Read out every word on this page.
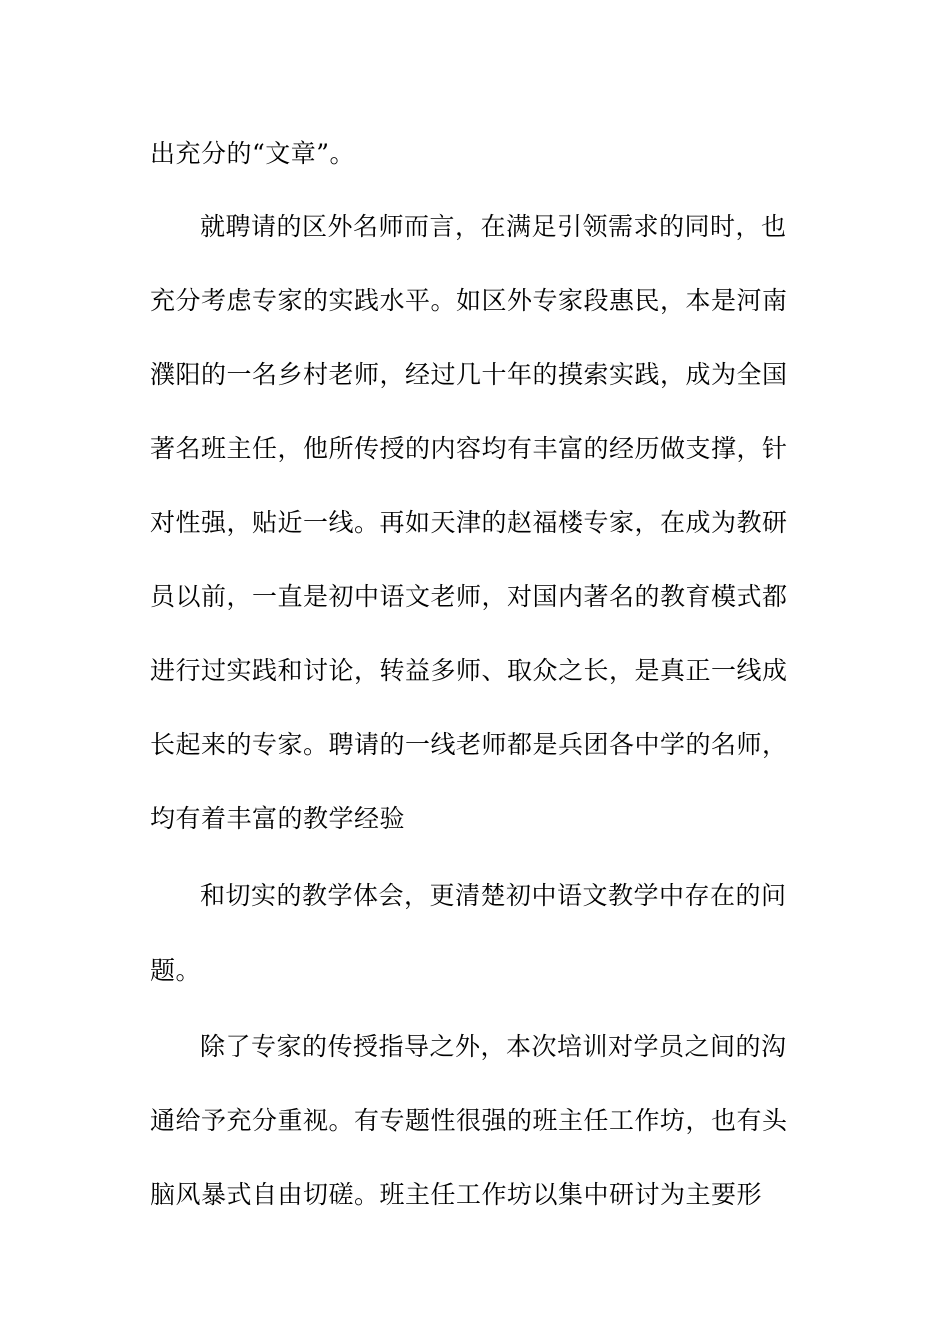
出充分的“文章”。
就聘请的区外名师而言，在满足引领需求的同时，也
充分考虑专家的实践水平。如区外专家段惠民，本是河南
濮阳的一名乡村老师，经过几十年的摸索实践，成为全国
著名班主任，他所传授的内容均有丰富的经历做支撑，针
对性强，贴近一线。再如天津的赵福楼专家，在成为教研
员以前，一直是初中语文老师，对国内著名的教育模式都
进行过实践和讨论，转益多师、取众之长，是真正一线成
长起来的专家。聘请的一线老师都是兵团各中学的名师，
均有着丰富的教学经验
和切实的教学体会，更清楚初中语文教学中存在的问
题。
除了专家的传授指导之外，本次培训对学员之间的沟
通给予充分重视。有专题性很强的班主任工作坊，也有头
脑风暴式自由切磋。班主任工作坊以集中研讨为主要形
